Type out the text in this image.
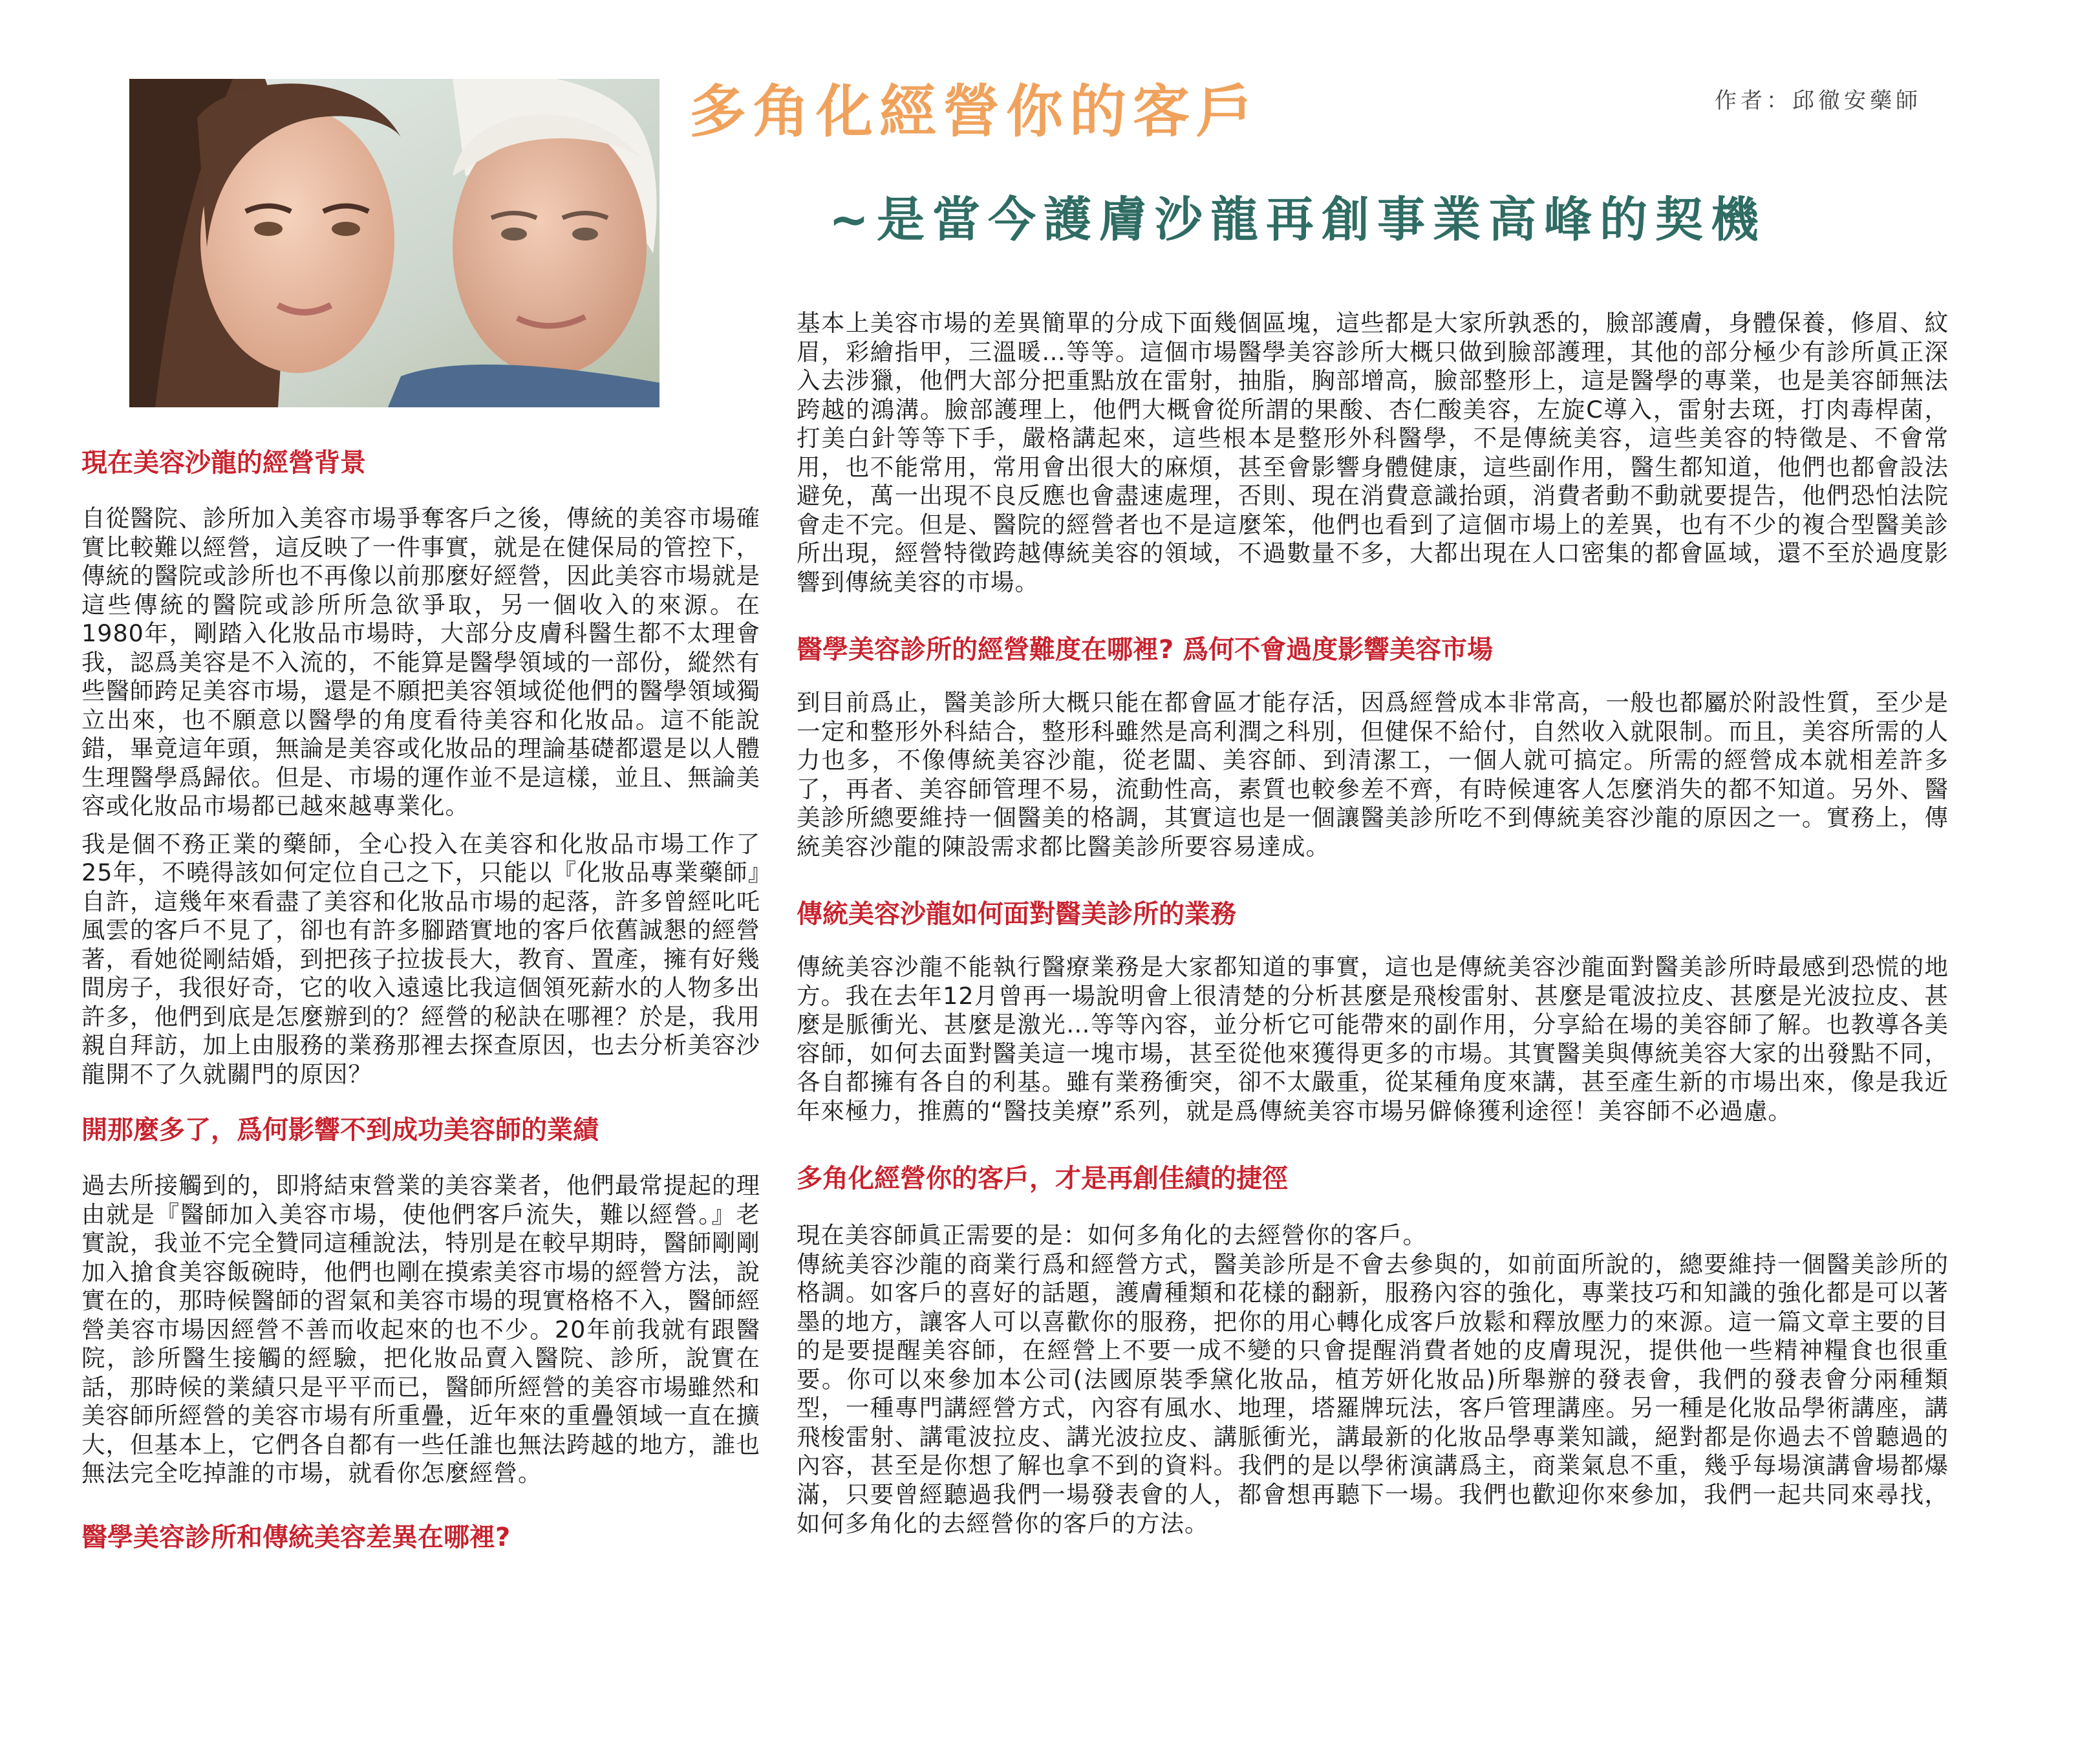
多角化經營你的客戶	作者：邱徹安藥師
~是當今護膚沙龍再創事業高峰的契機
現在美容沙龍的經營背景

自從醫院、診所加入美容市場爭奪客戶之後，傳統的美容市場確實比較難以經營，這反映了一件事實，就是在健保局的管控下，傳統的醫院或診所也不再像以前那麼好經營，因此美容市場就是這些傳統的醫院或診所所急欲爭取，另一個收入的來源。在1980年，剛踏入化妝品市場時，大部分皮膚科醫生都不太理會我，認爲美容是不入流的，不能算是醫學領域的一部份，縱然有些醫師跨足美容市場，還是不願把美容領域從他們的醫學領域獨立出來，也不願意以醫學的角度看待美容和化妝品。這不能說錯，畢竟這年頭，無論是美容或化妝品的理論基礎都還是以人體生理醫學爲歸依。但是、市場的運作並不是這樣，並且、無論美容或化妝品市場都已越來越專業化。

我是個不務正業的藥師，全心投入在美容和化妝品市場工作了25年，不曉得該如何定位自己之下，只能以『化妝品專業藥師』自許，這幾年來看盡了美容和化妝品市場的起落，許多曾經叱吒風雲的客戶不見了，卻也有許多腳踏實地的客戶依舊誠懇的經營著，看她從剛結婚，到把孩子拉拔長大，教育、置產，擁有好幾間房子，我很好奇，它的收入遠遠比我這個領死薪水的人物多出許多，他們到底是怎麼辦到的？經營的秘訣在哪裡？於是，我用親自拜訪，加上由服務的業務那裡去探查原因，也去分析美容沙龍開不了久就關門的原因？

開那麼多了，爲何影響不到成功美容師的業績

過去所接觸到的，即將結束營業的美容業者，他們最常提起的理由就是『醫師加入美容市場，使他們客戶流失，難以經營。』老實說，我並不完全贊同這種說法，特別是在較早期時，醫師剛剛加入搶食美容飯碗時，他們也剛在摸索美容市場的經營方法，說實在的，那時候醫師的習氣和美容市場的現實格格不入，醫師經營美容市場因經營不善而收起來的也不少。20年前我就有跟醫院，診所醫生接觸的經驗，把化妝品賣入醫院、診所，說實在話，那時候的業績只是平平而已，醫師所經營的美容市場雖然和美容師所經營的美容市場有所重疊，近年來的重疊領域一直在擴大，但基本上，它們各自都有一些任誰也無法跨越的地方，誰也無法完全吃掉誰的市場，就看你怎麼經營。

醫學美容診所和傳統美容差異在哪裡?

基本上美容市場的差異簡單的分成下面幾個區塊，這些都是大家所孰悉的，臉部護膚，身體保養，修眉、紋眉，彩繪指甲，三溫暖…等等。這個市場醫學美容診所大概只做到臉部護理，其他的部分極少有診所眞正深入去涉獵，他們大部分把重點放在雷射，抽脂，胸部增高，臉部整形上，這是醫學的專業，也是美容師無法跨越的鴻溝。臉部護理上，他們大概會從所謂的果酸、杏仁酸美容，左旋C導入，雷射去斑，打肉毒桿菌，打美白針等等下手，嚴格講起來，這些根本是整形外科醫學，不是傳統美容，這些美容的特徵是、不會常用，也不能常用，常用會出很大的麻煩，甚至會影響身體健康，這些副作用，醫生都知道，他們也都會設法避免，萬一出現不良反應也會盡速處理，否則、現在消費意識抬頭，消費者動不動就要提告，他們恐怕法院會走不完。但是、醫院的經營者也不是這麼笨，他們也看到了這個市場上的差異，也有不少的複合型醫美診所出現，經營特徵跨越傳統美容的領域，不過數量不多，大都出現在人口密集的都會區域，還不至於過度影響到傳統美容的市場。

醫學美容診所的經營難度在哪裡? 爲何不會過度影響美容市場

到目前爲止，醫美診所大概只能在都會區才能存活，因爲經營成本非常高，一般也都屬於附設性質，至少是一定和整形外科結合，整形科雖然是高利潤之科別，但健保不給付，自然收入就限制。而且，美容所需的人力也多，不像傳統美容沙龍，從老闆、美容師、到清潔工，一個人就可搞定。所需的經營成本就相差許多了，再者、美容師管理不易，流動性高，素質也較參差不齊，有時候連客人怎麼消失的都不知道。另外、醫美診所總要維持一個醫美的格調，其實這也是一個讓醫美診所吃不到傳統美容沙龍的原因之一。實務上，傳統美容沙龍的陳設需求都比醫美診所要容易達成。

傳統美容沙龍如何面對醫美診所的業務

傳統美容沙龍不能執行醫療業務是大家都知道的事實，這也是傳統美容沙龍面對醫美診所時最感到恐慌的地方。我在去年12月曾再一場說明會上很清楚的分析甚麼是飛梭雷射、甚麼是電波拉皮、甚麼是光波拉皮、甚麼是脈衝光、甚麼是激光…等等內容，並分析它可能帶來的副作用，分享給在場的美容師了解。也教導各美容師，如何去面對醫美這一塊市場，甚至從他來獲得更多的市場。其實醫美與傳統美容大家的出發點不同，各自都擁有各自的利基。雖有業務衝突，卻不太嚴重，從某種角度來講，甚至產生新的市場出來，像是我近年來極力，推薦的“醫技美療”系列，就是爲傳統美容市場另僻條獲利途徑！美容師不必過慮。

多角化經營你的客戶，才是再創佳績的捷徑

現在美容師眞正需要的是：如何多角化的去經營你的客戶。

傳統美容沙龍的商業行爲和經營方式，醫美診所是不會去參與的，如前面所說的，總要維持一個醫美診所的格調。如客戶的喜好的話題，護膚種類和花樣的翻新，服務內容的強化，專業技巧和知識的強化都是可以著墨的地方，讓客人可以喜歡你的服務，把你的用心轉化成客戶放鬆和釋放壓力的來源。這一篇文章主要的目的是要提醒美容師，在經營上不要一成不變的只會提醒消費者她的皮膚現況，提供他一些精神糧食也很重要。你可以來參加本公司(法國原裝季黛化妝品，植芳妍化妝品)所舉辦的發表會，我們的發表會分兩種類型，一種專門講經營方式，內容有風水、地理，塔羅牌玩法，客戶管理講座。另一種是化妝品學術講座，講飛梭雷射、講電波拉皮、講光波拉皮、講脈衝光，講最新的化妝品學專業知識，絕對都是你過去不曾聽過的內容，甚至是你想了解也拿不到的資料。我們的是以學術演講爲主，商業氣息不重，幾乎每場演講會場都爆滿，只要曾經聽過我們一場發表會的人，都會想再聽下一場。我們也歡迎你來參加，我們一起共同來尋找，如何多角化的去經營你的客戶的方法。
